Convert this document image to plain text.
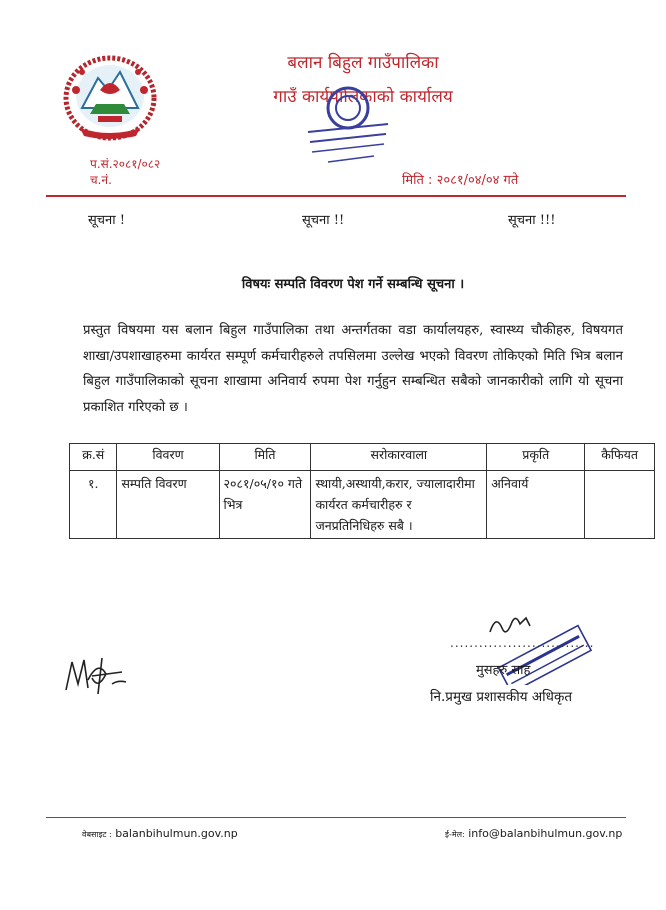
बलान बिहुल गाउँपालिका
गाउँ कार्यपालिकाको कार्यालय
प.सं.२०८१/०८२
च.नं.	मिति : २०८१/०४/०४ गते
सूचना !	सूचना !!	सूचना !!!
विषयः सम्पति विवरण पेश गर्ने सम्बन्धि सूचना ।
प्रस्तुत विषयमा यस बलान बिहुल गाउँपालिका तथा अन्तर्गतका वडा कार्यालयहरु, स्वास्थ्य चौकीहरु, विषयगत शाखा/उपशाखाहरुमा कार्यरत सम्पूर्ण कर्मचारीहरुले तपसिलमा उल्लेख भएको विवरण तोकिएको मिति भित्र बलान बिहुल गाउँपालिकाको सूचना शाखामा अनिवार्य रुपमा पेश गर्नुहुन सम्बन्धित सबैको जानकारीको लागि यो सूचना प्रकाशित गरिएको छ ।
क्र.सं	विवरण	मिति	सरोकारवाला	प्रकृति	कैफियत
१.	सम्पति विवरण	२०८१/०५/१० गते भित्र	स्थायी,अस्थायी,करार, ज्यालादारीमा कार्यरत कर्मचारीहरु र जनप्रतिनिधिहरु सबै ।	अनिवार्य	
..............................
मुसहरु साह
नि.प्रमुख प्रशासकीय अधिकृत
वेबसाइट : balanbihulmun.gov.np	ई-मेल: info@balanbihulmun.gov.np
